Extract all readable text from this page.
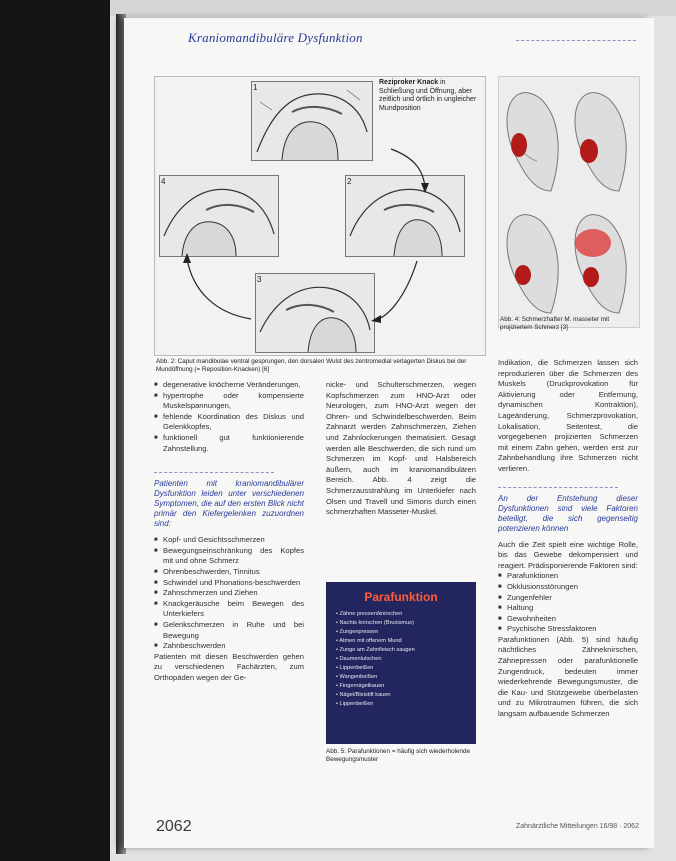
Kraniomandibuläre Dysfunktion
1
2
3
4
Reziproker Knack in Schließung und Öffnung, aber zeitlich und örtlich in ungleicher Mundposition
Abb. 2: Caput mandibulae ventral gesprungen, den dorsalen Wulst des zentromedial verlagerten Diskus bei der Mundöffnung (= Reposition-Knacken) [6]
Abb. 4: Schmerzhafter M. masseter mit projiziertem Schmerz [3]
■ degenerative knöcherne Veränderungen,
■ hypertrophe oder kompensierte Muskelspannungen,
■ fehlende Koordination des Diskus und Gelenkkopfes,
■ funktionell gut funktionierende Zahnstellung.
Patienten mit kraniomandibulärer Dysfunktion leiden unter verschiedenen Symptomen, die auf den ersten Blick nicht primär den Kiefergelenken zuzuordnen sind:
■ Kopf- und Gesichtsschmerzen
■ Bewegungseinschränkung des Kopfes mit und ohne Schmerz
■ Ohrenbeschwerden, Tinnitus
■ Schwindel und Phonations-beschwerden
■ Zahnschmerzen und Ziehen
■ Knackgeräusche beim Bewegen des Unterkiefers
■ Gelenkschmerzen in Ruhe und bei Bewegung
■ Zahnbeschwerden
Patienten mit diesen Beschwerden gehen zu verschiedenen Fachärzten, zum Orthopäden wegen der Ge-
nicke- und Schulterschmerzen, wegen Kopfschmerzen zum HNO-Arzt oder Neurologen, zum HNO-Arzt wegen der Ohren- und Schwindelbeschwerden. Beim Zahnarzt werden Zahnschmerzen, Ziehen und Zahnlockerungen thematisiert. Gesagt werden alle Beschwerden, die sich rund um Schmerzen im Kopf- und Halsbereich äußern, auch im kraniomandibulären Bereich. Abb. 4 zeigt die Schmerzausstrahlung im Unterkiefer nach Olsen und Travell und Simons durch einen schmerzhaften Masseter-Muskel.
Parafunktion
• Zähne pressen/knirschen
• Nachts knirschen (Bruxismus)
• Zungenpressen
• Atmen mit offenem Mund
• Zunge am Zahnfleisch saugen
• Daumenlutschen
• Lippenbeißen
• Wangenbeißen
• Fingernägelkauen
• Nägel/Bleistift kauen
• Lippenbeißen
Abb. 5: Parafunktionen = häufig sich wiederholende Bewegungsmuster
Indikation, die Schmerzen lassen sich reproduzieren über die Schmerzen des Muskels (Druckprovokation für Aktivierung oder Entfernung, dynamischen Kontraktion), Lageänderung, Schmerzprovokation, Lokalisation, Seitentest, die vorgegebenen projizierten Schmerzen mit einem Zahn gehen, werden erst zur Zahnbehandlung ihre Schmerzen nicht verlieren.
An der Entstehung dieser Dysfunktionen sind viele Faktoren beteiligt, die sich gegenseitig potenzieren können
Auch die Zeit spielt eine wichtige Rolle, bis das Gewebe dekompensiert und reagiert. Prädisponierende Faktoren sind:
■ Parafunktionen
■ Okklusionsstörungen
■ Zungenfehler
■ Haltung
■ Gewohnheiten
■ Psychische Stressfaktoren
Parafunktionen (Abb. 5) sind häufig nächtliches Zähneknirschen, Zähnepressen oder parafunktionelle Zungendruck, bedeuten immer wiederkehrende Bewegungsmuster, die die Kau- und Stützgewebe überbelasten und zu Mikrotraumen führen, die sich langsam aufbauende Schmerzen
2062	Zahnärztliche Mitteilungen 16/98 · 2062
